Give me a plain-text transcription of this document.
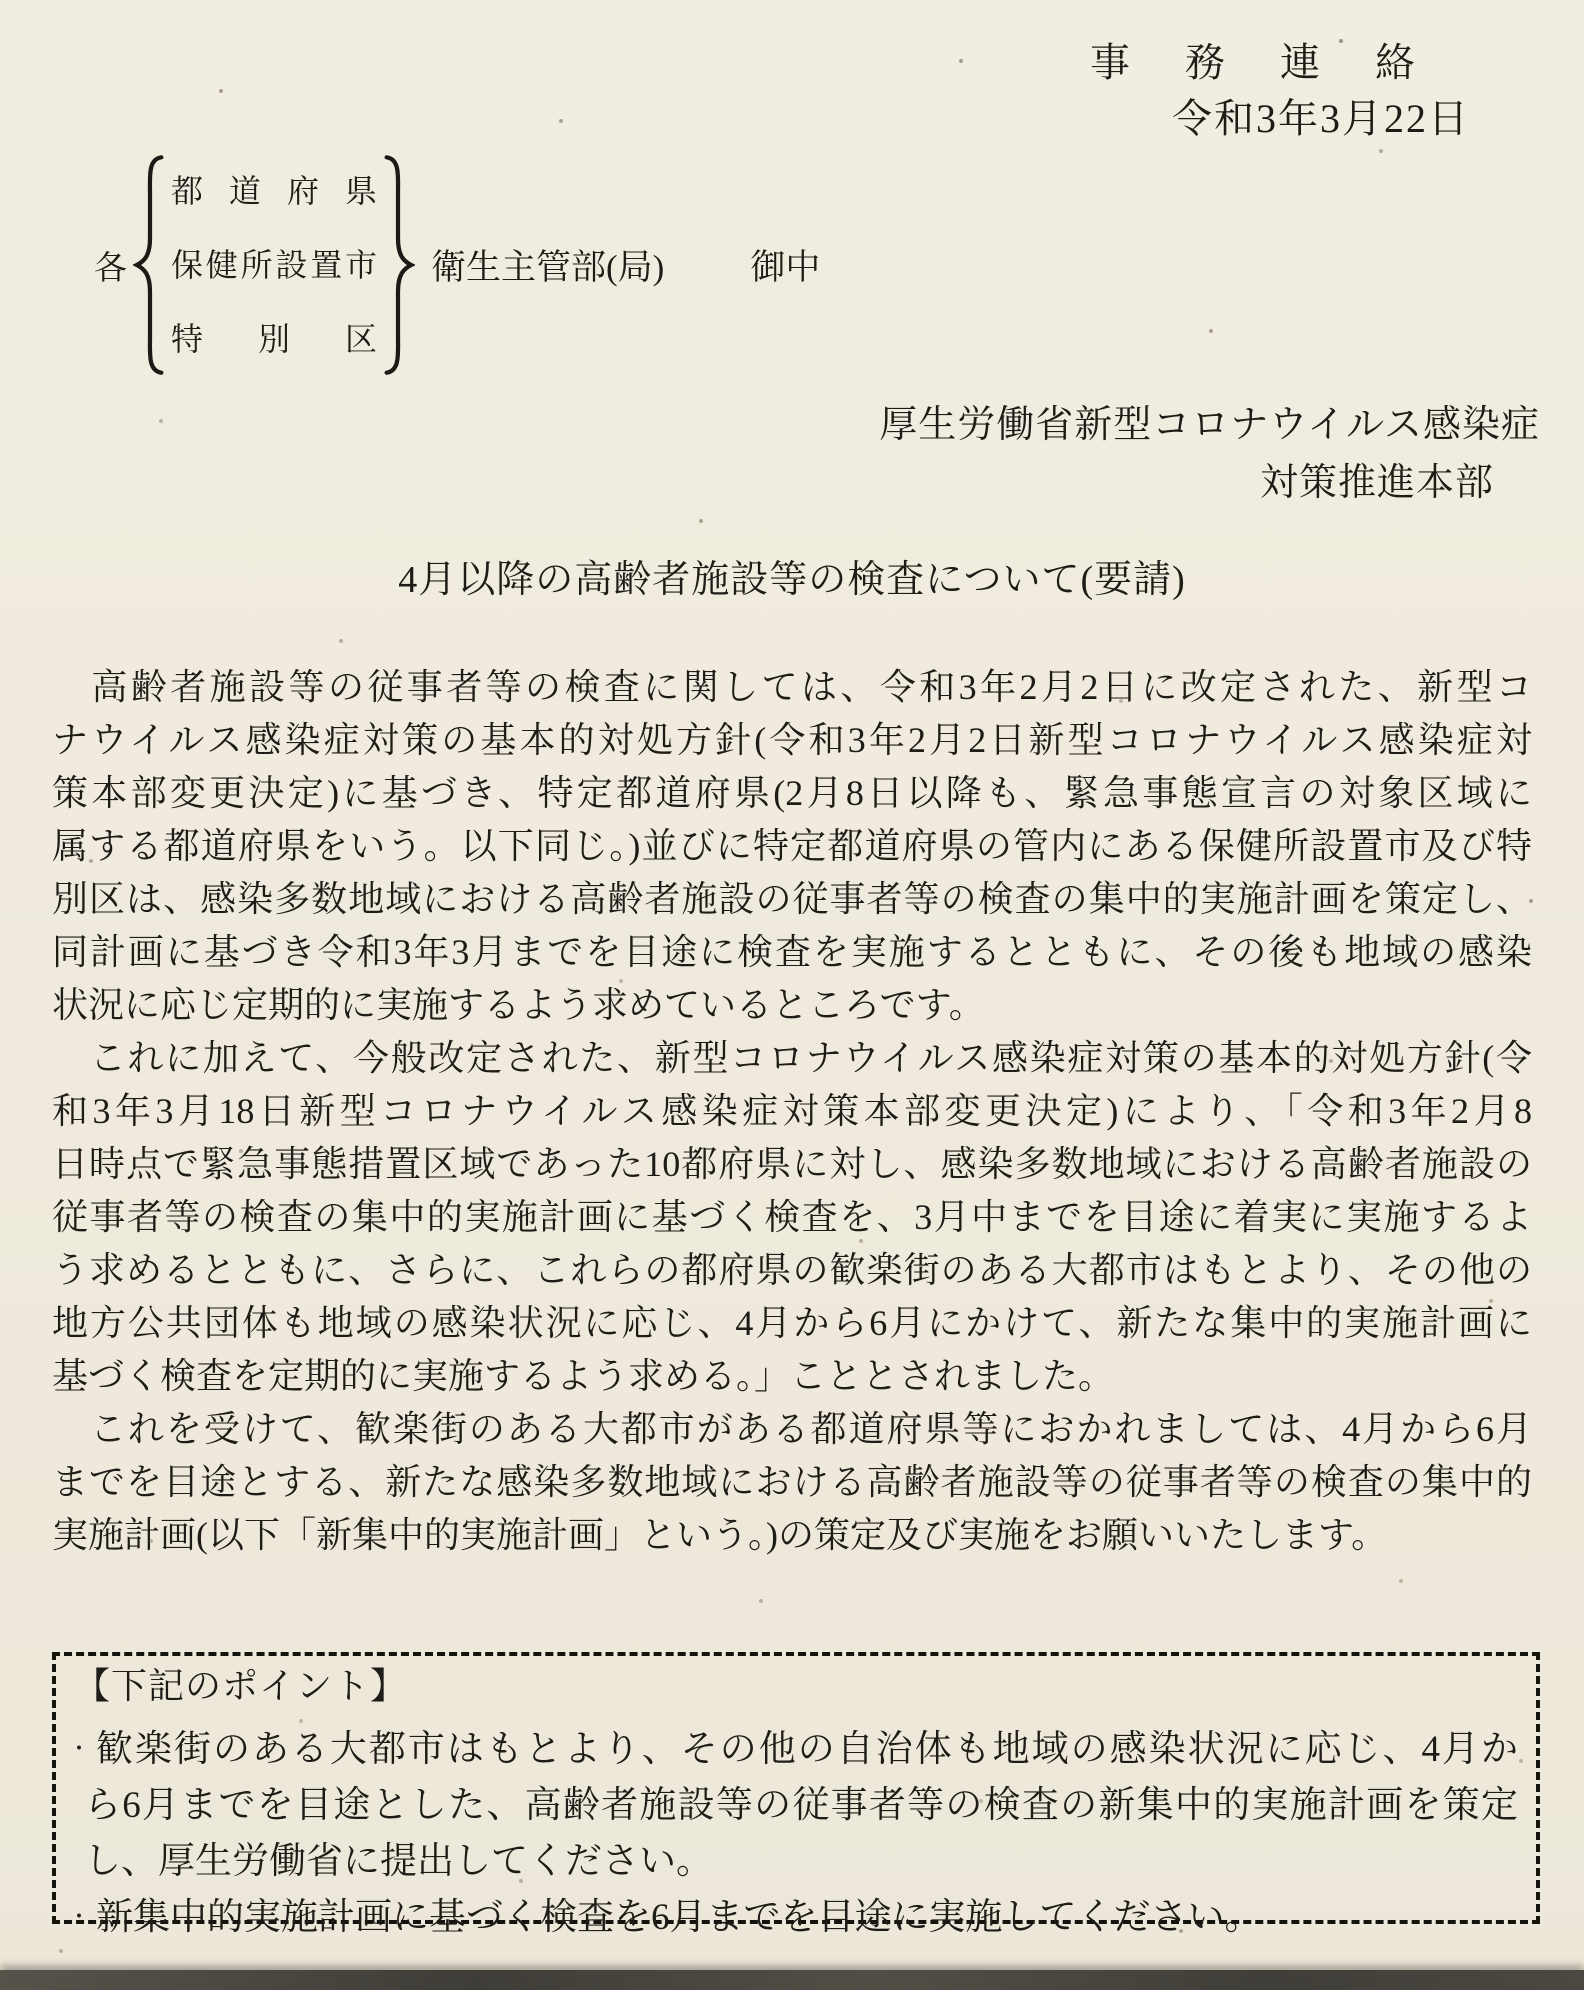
事務連絡
令和3年3月22日
各
都道府県
保健所設置市
特別区
衛生主管部(局) 御中
厚生労働省新型コロナウイルス感染症
対策推進本部
4月以降の高齢者施設等の検査について(要請)

　高齢者施設等の従事者等の検査に関しては、令和3年2月2日に改定された、新型コ
ナウイルス感染症対策の基本的対処方針(令和3年2月2日新型コロナウイルス感染症対
策本部変更決定)に基づき、特定都道府県(2月8日以降も、緊急事態宣言の対象区域に
属する都道府県をいう。以下同じ。)並びに特定都道府県の管内にある保健所設置市及び特
別区は、感染多数地域における高齢者施設の従事者等の検査の集中的実施計画を策定し、
同計画に基づき令和3年3月までを目途に検査を実施するとともに、その後も地域の感染
状況に応じ定期的に実施するよう求めているところです。

　これに加えて、今般改定された、新型コロナウイルス感染症対策の基本的対処方針(令
和3年3月18日新型コロナウイルス感染症対策本部変更決定)により、「令和3年2月8
日時点で緊急事態措置区域であった10都府県に対し、感染多数地域における高齢者施設の
従事者等の検査の集中的実施計画に基づく検査を、3月中までを目途に着実に実施するよ
う求めるとともに、さらに、これらの都府県の歓楽街のある大都市はもとより、その他の
地方公共団体も地域の感染状況に応じ、4月から6月にかけて、新たな集中的実施計画に
基づく検査を定期的に実施するよう求める。」こととされました。

　これを受けて、歓楽街のある大都市がある都道府県等におかれましては、4月から6月
までを目途とする、新たな感染多数地域における高齢者施設等の従事者等の検査の集中的
実施計画(以下「新集中的実施計画」という。)の策定及び実施をお願いいたします。

【下記のポイント】
・ 歓楽街のある大都市はもとより、その他の自治体も地域の感染状況に応じ、4月か
ら6月までを目途とした、高齢者施設等の従事者等の検査の新集中的実施計画を策定
し、厚生労働省に提出してください。
・ 新集中的実施計画に基づく検査を6月までを目途に実施してください。
